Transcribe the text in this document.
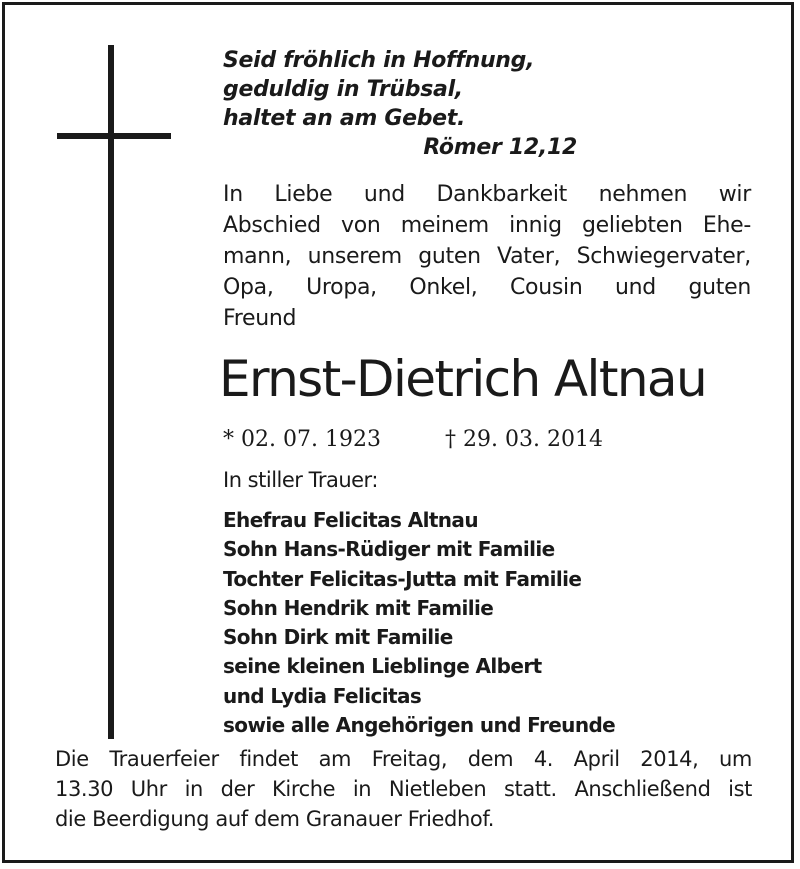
Seid fröhlich in Hoffnung,
geduldig in Trübsal,
haltet an am Gebet.
Römer 12,12
In Liebe und Dankbarkeit nehmen wir
Abschied von meinem innig geliebten Ehe-
mann, unserem guten Vater, Schwiegervater,
Opa, Uropa, Onkel, Cousin und guten
Freund
Ernst-Dietrich Altnau
* 02. 07. 1923	† 29. 03. 2014
In stiller Trauer:
Ehefrau Felicitas Altnau
Sohn Hans-Rüdiger mit Familie
Tochter Felicitas-Jutta mit Familie
Sohn Hendrik mit Familie
Sohn Dirk mit Familie
seine kleinen Lieblinge Albert
und Lydia Felicitas
sowie alle Angehörigen und Freunde
Die Trauerfeier findet am Freitag, dem 4. April 2014, um
13.30 Uhr in der Kirche in Nietleben statt. Anschließend ist
die Beerdigung auf dem Granauer Friedhof.
